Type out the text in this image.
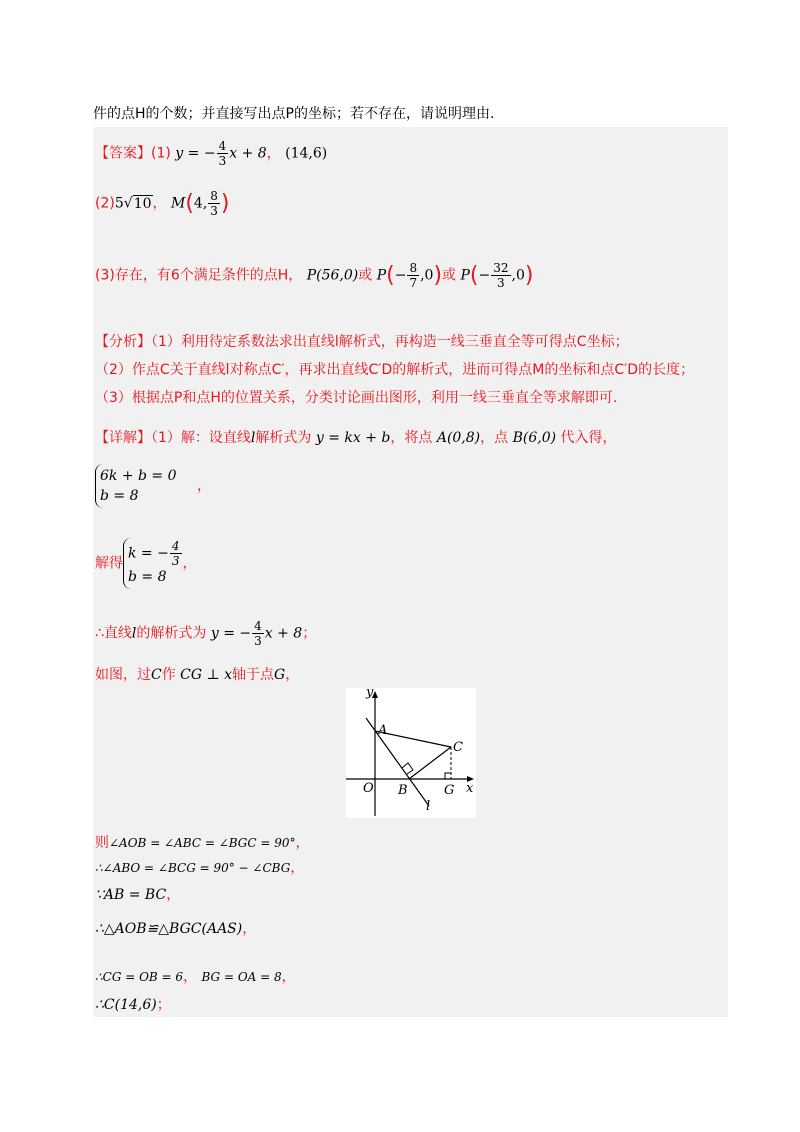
件的点H的个数；并直接写出点P的坐标；若不存在，请说明理由.
【答案】(1) y = − $\frac{4}{3}$ x + 8， (14,6)
(2)5√10， M(4, $\frac{8}{3}$ )
(3)存在，有6个满足条件的点H， P(56,0)或 $P(- \frac{8}{7} ,0)$或 $P(- \frac{32}{3} ,0)$
【分析】（1）利用待定系数法求出直线l解析式，再构造一线三垂直全等可得点C坐标；
（2）作点C关于直线l对称点C′，再求出直线C′D的解析式，进而可得点M的坐标和点C′D的长度；
（3）根据点P和点H的位置关系，分类讨论画出图形，利用一线三垂直全等求解即可.
【详解】（1）解：设直线l解析式为 y = kx + b，将点 A(0,8)，点 B(6,0) 代入得，
6k + b = 0
b = 8
，
解得
k = − $\frac{4}{3}$
b = 8
，
∴直线l的解析式为 y = − $\frac{4}{3}$ x + 8；
如图，过C作 CG ⊥ x轴于点G，
y
x
O
A
B
C
G
l
则∠AOB = ∠ABC = ∠BGC = 90°，
∴∠ABO = ∠BCG = 90° − ∠CBG，
∵AB = BC，
∴△AOB≌△BGC(AAS)，
∴CG = OB = 6， BG = OA = 8，
∴C(14,6)；
